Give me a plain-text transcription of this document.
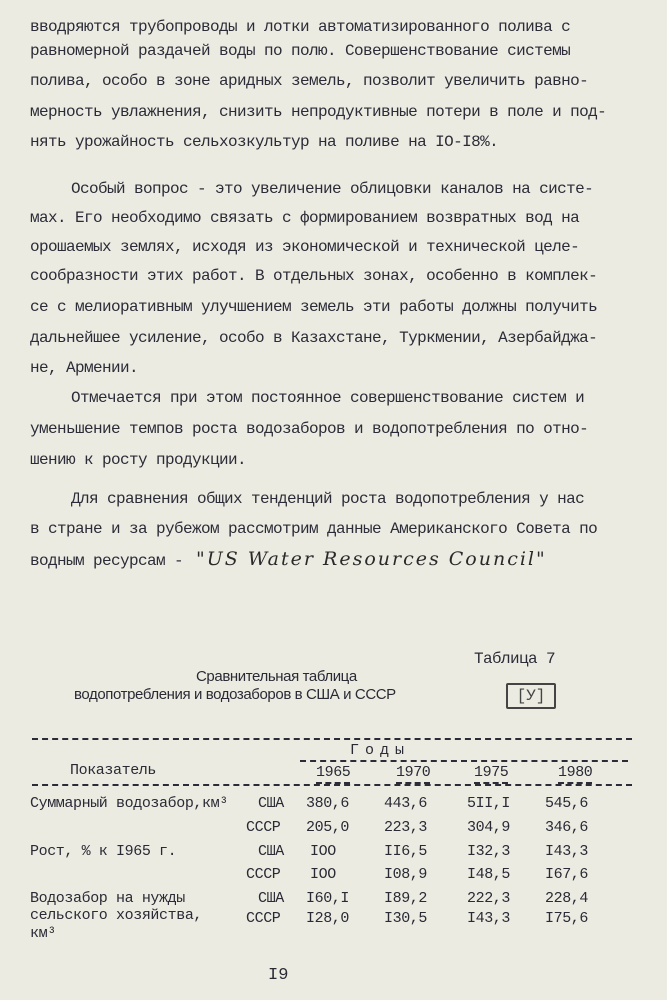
вводряются трубопроводы и лотки автоматизированного полива с
равномерной раздачей воды по полю. Совершенствование системы
полива, особо в зоне аридных земель, позволит увеличить равно-
мерность увлажнения, снизить непродуктивные потери в поле и под-
нять урожайность сельхозкультур на поливе на IO-I8%.
Особый вопрос - это увеличение облицовки каналов на систе-
мах. Его необходимо связать с формированием возвратных вод на
орошаемых землях, исходя из экономической и технической целе-
сообразности этих работ. В отдельных зонах, особенно в комплек-
се с мелиоративным улучшением земель эти работы должны получить
дальнейшее усиление, особо в Казахстане, Туркмении, Азербайджа-
не, Армении.
Отмечается при этом постоянное совершенствование систем и
уменьшение темпов роста водозаборов и водопотребления по отно-
шению к росту продукции.
Для сравнения общих тенденций роста водопотребления у нас
в стране и за рубежом рассмотрим данные Американского Совета по
водным ресурсам - "US Water Resources Council"
Таблица 7
Сравнительная таблица
водопотребления и водозаборов в США и СССР	[У]
Годы
Показатель	1965	1970	1975	1980
Суммарный водозабор,км³ США 380,6 443,6	5II,I 545,6
СССР 205,0 223,3	304,9 346,6
Рост, % к I965 г.	США IOO	II6,5	I32,3 I43,3
СССР IOO	I08,9	I48,5 I67,6
Водозабор на нужды	США I60,I I89,2	222,3 228,4
сельского хозяйства,	СССР I28,0 I30,5	I43,3 I75,6
км³
I9
